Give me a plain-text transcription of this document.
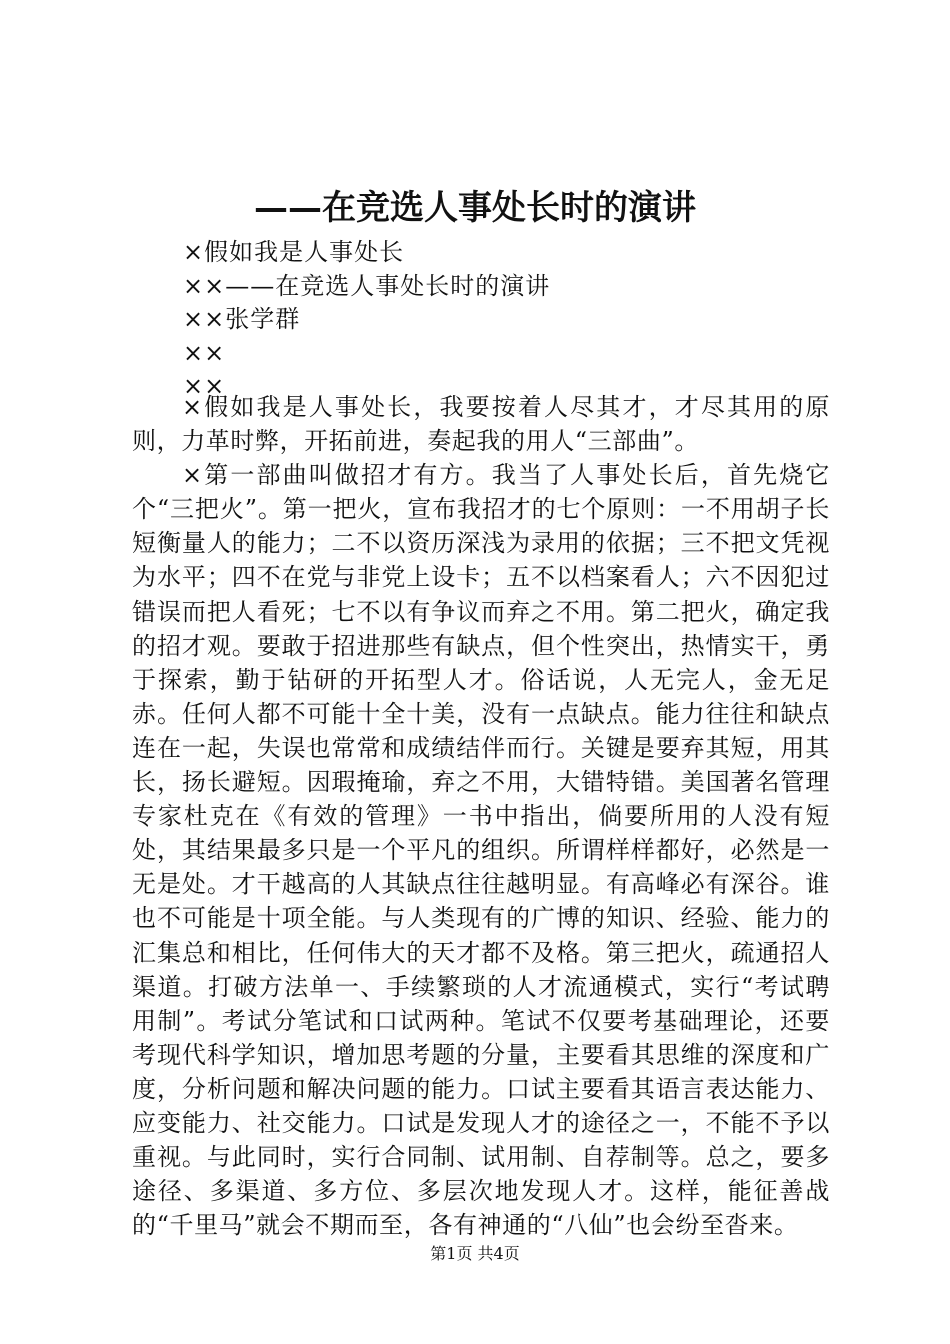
——在竞选人事处长时的演讲
×假如我是人事处长
××——在竞选人事处长时的演讲
××张学群
××
××

×假如我是人事处长，我要按着人尽其才，才尽其用的原则，力革时弊，开拓前进，奏起我的用人“三部曲”。

×第一部曲叫做招才有方。我当了人事处长后，首先烧它个“三把火”。第一把火，宣布我招才的七个原则：一不用胡子长短衡量人的能力；二不以资历深浅为录用的依据；三不把文凭视为水平；四不在党与非党上设卡；五不以档案看人；六不因犯过错误而把人看死；七不以有争议而弃之不用。第二把火，确定我的招才观。要敢于招进那些有缺点，但个性突出，热情实干，勇于探索，勤于钻研的开拓型人才。俗话说，人无完人，金无足赤。任何人都不可能十全十美，没有一点缺点。能力往往和缺点连在一起，失误也常常和成绩结伴而行。关键是要弃其短，用其长，扬长避短。因瑕掩瑜，弃之不用，大错特错。美国著名管理专家杜克在《有效的管理》一书中指出，倘要所用的人没有短处，其结果最多只是一个平凡的组织。所谓样样都好，必然是一无是处。才干越高的人其缺点往往越明显。有高峰必有深谷。谁也不可能是十项全能。与人类现有的广博的知识、经验、能力的汇集总和相比，任何伟大的天才都不及格。第三把火，疏通招人渠道。打破方法单一、手续繁琐的人才流通模式，实行“考试聘用制”。考试分笔试和口试两种。笔试不仅要考基础理论，还要考现代科学知识，增加思考题的分量，主要看其思维的深度和广度，分析问题和解决问题的能力。口试主要看其语言表达能力、应变能力、社交能力。口试是发现人才的途径之一，不能不予以重视。与此同时，实行合同制、试用制、自荐制等。总之，要多途径、多渠道、多方位、多层次地发现人才。这样，能征善战的“千里马”就会不期而至，各有神通的“八仙”也会纷至沓来。

第1页 共4页
